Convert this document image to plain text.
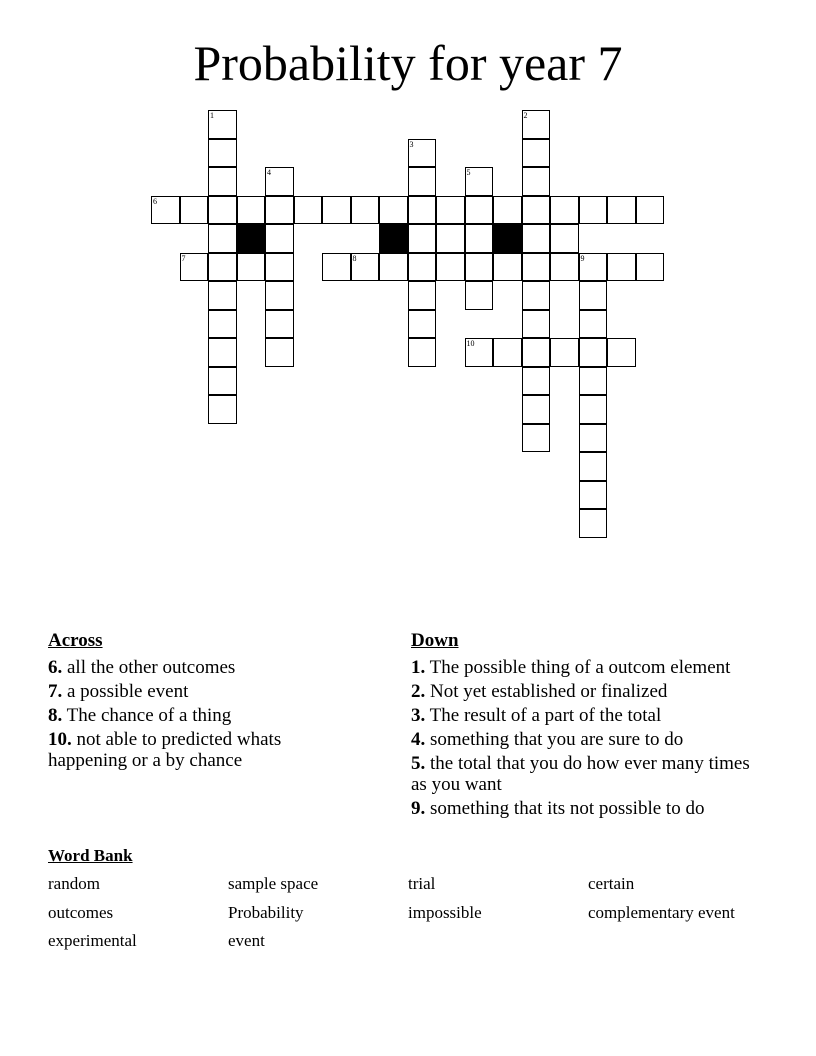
Probability for year 7
1	2
3
4	5
9
6
7	8
10
Across
6. all the other outcomes
7. a possible event
8. The chance of a thing
10. not able to predicted whats happening or a by chance
Down
1. The possible thing of a outcom element
2. Not yet established or finalized
3. The result of a part of the total
4. something that you are sure to do
5. the total that you do how ever many times as you want
9. something that its not possible to do
Word Bank
random	sample space	trial	certain
outcomes	Probability	impossible	complementary event
experimental	event
